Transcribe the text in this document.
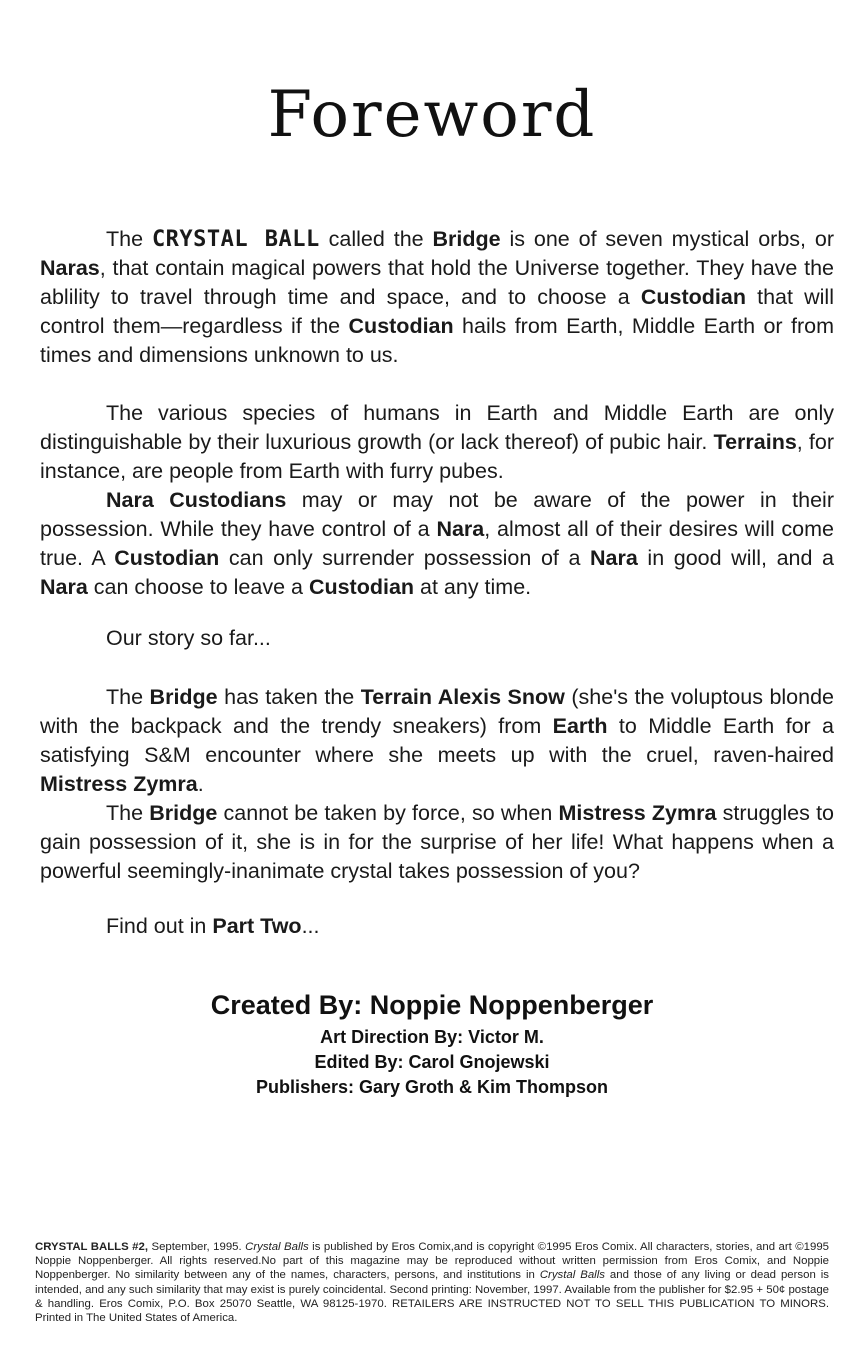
Foreword

The CRYSTAL BALL called the Bridge is one of seven mystical orbs, or Naras, that contain magical powers that hold the Universe together. They have the ablility to travel through time and space, and to choose a Custodian that will control them—regardless if the Custodian hails from Earth, Middle Earth or from times and dimensions unknown to us.

The various species of humans in Earth and Middle Earth are only distinguishable by their luxurious growth (or lack thereof) of pubic hair. Terrains, for instance, are people from Earth with furry pubes.

Nara Custodians may or may not be aware of the power in their possession. While they have control of a Nara, almost all of their desires will come true. A Custodian can only surrender possession of a Nara in good will, and a Nara can choose to leave a Custodian at any time.

Our story so far...

The Bridge has taken the Terrain Alexis Snow (she's the voluptous blonde with the backpack and the trendy sneakers) from Earth to Middle Earth for a satisfying S&M encounter where she meets up with the cruel, raven-haired Mistress Zymra.

The Bridge cannot be taken by force, so when Mistress Zymra struggles to gain possession of it, she is in for the surprise of her life! What happens when a powerful seemingly-inanimate crystal takes possession of you?

Find out in Part Two...

Created By: Noppie Noppenberger
Art Direction By: Victor M.
Edited By: Carol Gnojewski
Publishers: Gary Groth & Kim Thompson
CRYSTAL BALLS #2, September, 1995. Crystal Balls is published by Eros Comix,and is copyright ©1995 Eros Comix. All characters, stories, and art ©1995 Noppie Noppenberger. All rights reserved.No part of this magazine may be reproduced without written permission from Eros Comix, and Noppie Noppenberger. No similarity between any of the names, characters, persons, and institutions in Crystal Balls and those of any living or dead person is intended, and any such similarity that may exist is purely coincidental. Second printing: November, 1997. Available from the publisher for $2.95 + 50¢ postage & handling. Eros Comix, P.O. Box 25070 Seattle, WA 98125-1970. RETAILERS ARE INSTRUCTED NOT TO SELL THIS PUBLICATION TO MINORS. Printed in The United States of America.
